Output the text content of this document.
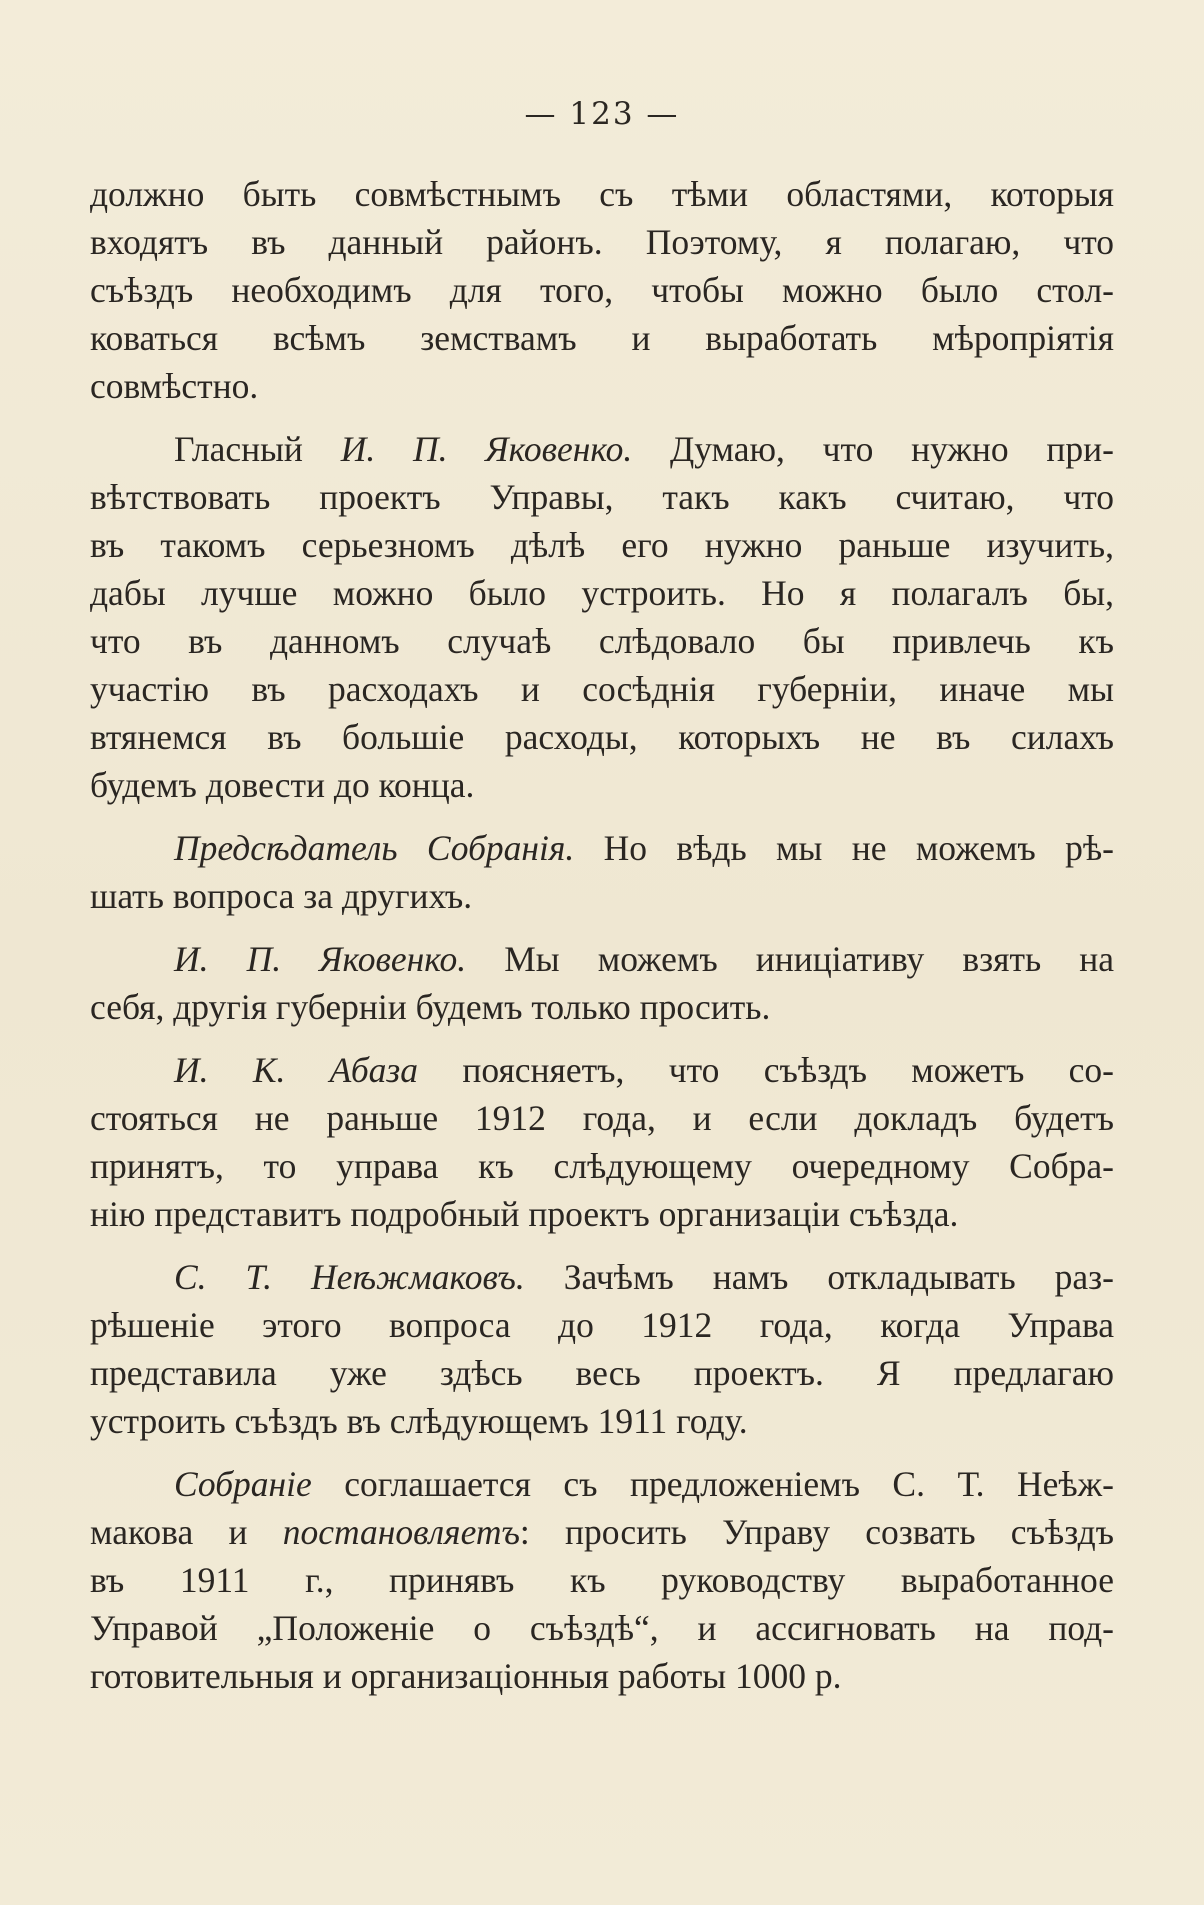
— 123 —
должно быть совмѣстнымъ съ тѣми областями, которыя
входятъ въ данный районъ. Поэтому, я полагаю, что
съѣздъ необходимъ для того, чтобы можно было стол-
коваться всѣмъ земствамъ и выработать мѣропріятія
совмѣстно.
Гласный И. П. Яковенко. Думаю, что нужно при-
вѣтствовать проектъ Управы, такъ какъ считаю, что
въ такомъ серьезномъ дѣлѣ его нужно раньше изучить,
дабы лучше можно было устроить. Но я полагалъ бы,
что въ данномъ случаѣ слѣдовало бы привлечь къ
участію въ расходахъ и сосѣднія губерніи, иначе мы
втянемся въ большіе расходы, которыхъ не въ силахъ
будемъ довести до конца.
Предсѣдатель Собранія. Но вѣдь мы не можемъ рѣ-
шать вопроса за другихъ.
И. П. Яковенко. Мы можемъ иниціативу взять на
себя, другія губерніи будемъ только просить.
И. К. Абаза поясняетъ, что съѣздъ можетъ со-
стояться не раньше 1912 года, и если докладъ будетъ
принятъ, то управа къ слѣдующему очередному Собра-
нію представитъ подробный проектъ организаціи съѣзда.
С. Т. Неѣжмаковъ. Зачѣмъ намъ откладывать раз-
рѣшеніе этого вопроса до 1912 года, когда Управа
представила уже здѣсь весь проектъ. Я предлагаю
устроить съѣздъ въ слѣдующемъ 1911 году.
Собраніе соглашается съ предложеніемъ С. Т. Неѣж-
макова и постановляетъ: просить Управу созвать съѣздъ
въ 1911 г., принявъ къ руководству выработанное
Управой „Положеніе о съѣздѣ“, и ассигновать на под-
готовительныя и организаціонныя работы 1000 р.
